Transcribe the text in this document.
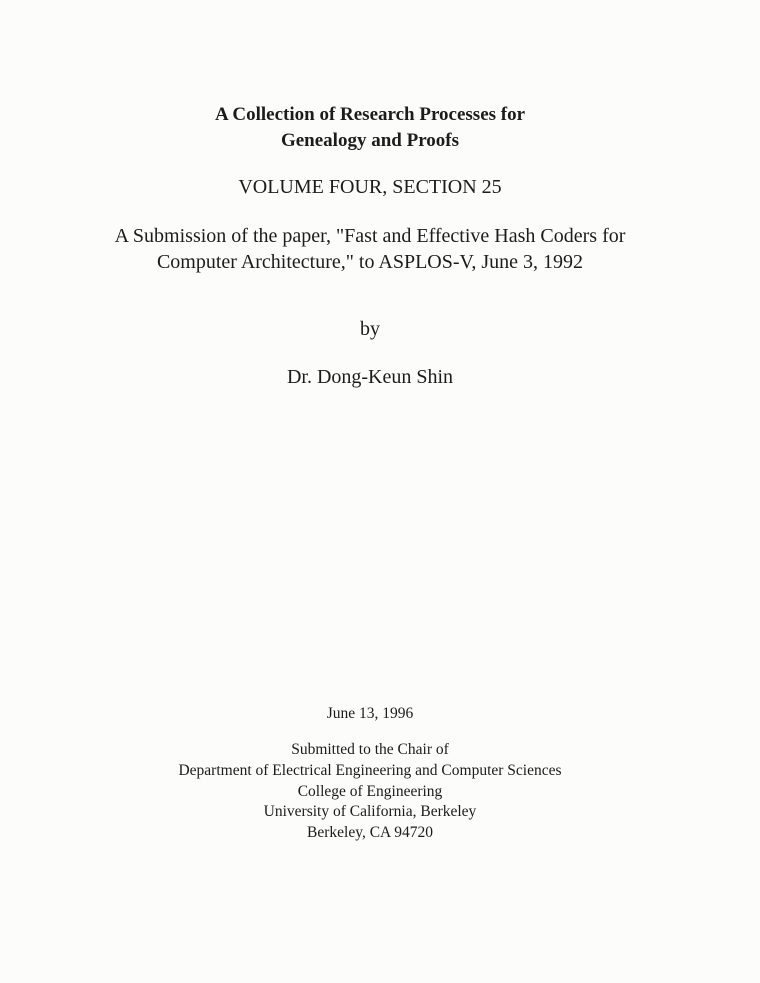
A Collection of Research Processes for
Genealogy and Proofs
VOLUME FOUR, SECTION 25
A Submission of the paper, "Fast and Effective Hash Coders for
Computer Architecture," to ASPLOS-V, June 3, 1992
by
Dr. Dong-Keun Shin
June 13, 1996
Submitted to the Chair of
Department of Electrical Engineering and Computer Sciences
College of Engineering
University of California, Berkeley
Berkeley, CA 94720
